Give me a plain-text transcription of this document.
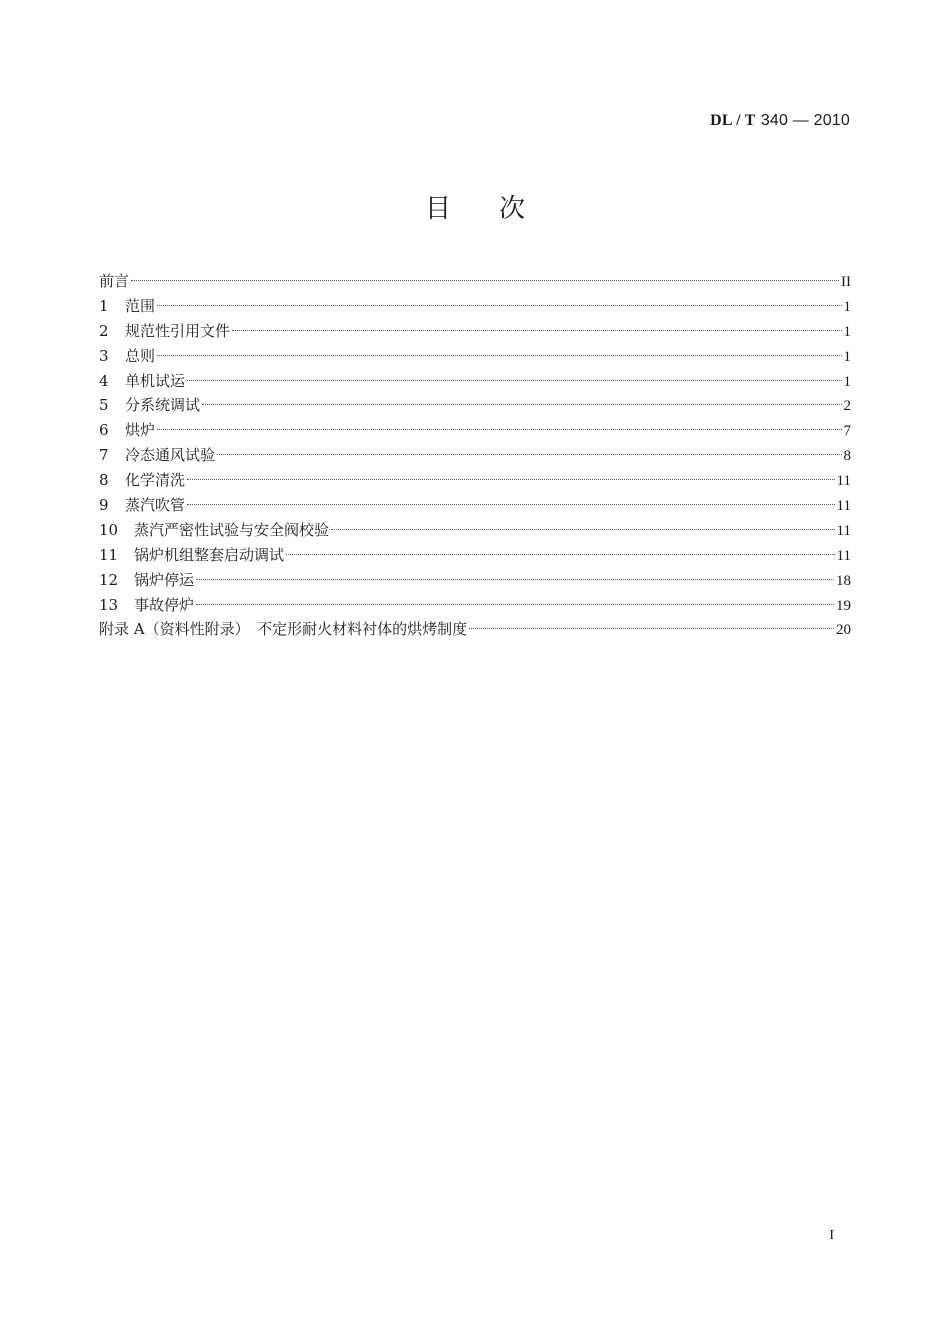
DL / T 340 — 2010
目次
前言	II
1 范围	1
2 规范性引用文件	1
3 总则	1
4 单机试运	1
5 分系统调试	2
6 烘炉	7
7 冷态通风试验	8
8 化学清洗	11
9 蒸汽吹管	11
10 蒸汽严密性试验与安全阀校验	11
11 锅炉机组整套启动调试	11
12 锅炉停运	18
13 事故停炉	19
附录 A（资料性附录）　不定形耐火材料衬体的烘烤制度	20
I
